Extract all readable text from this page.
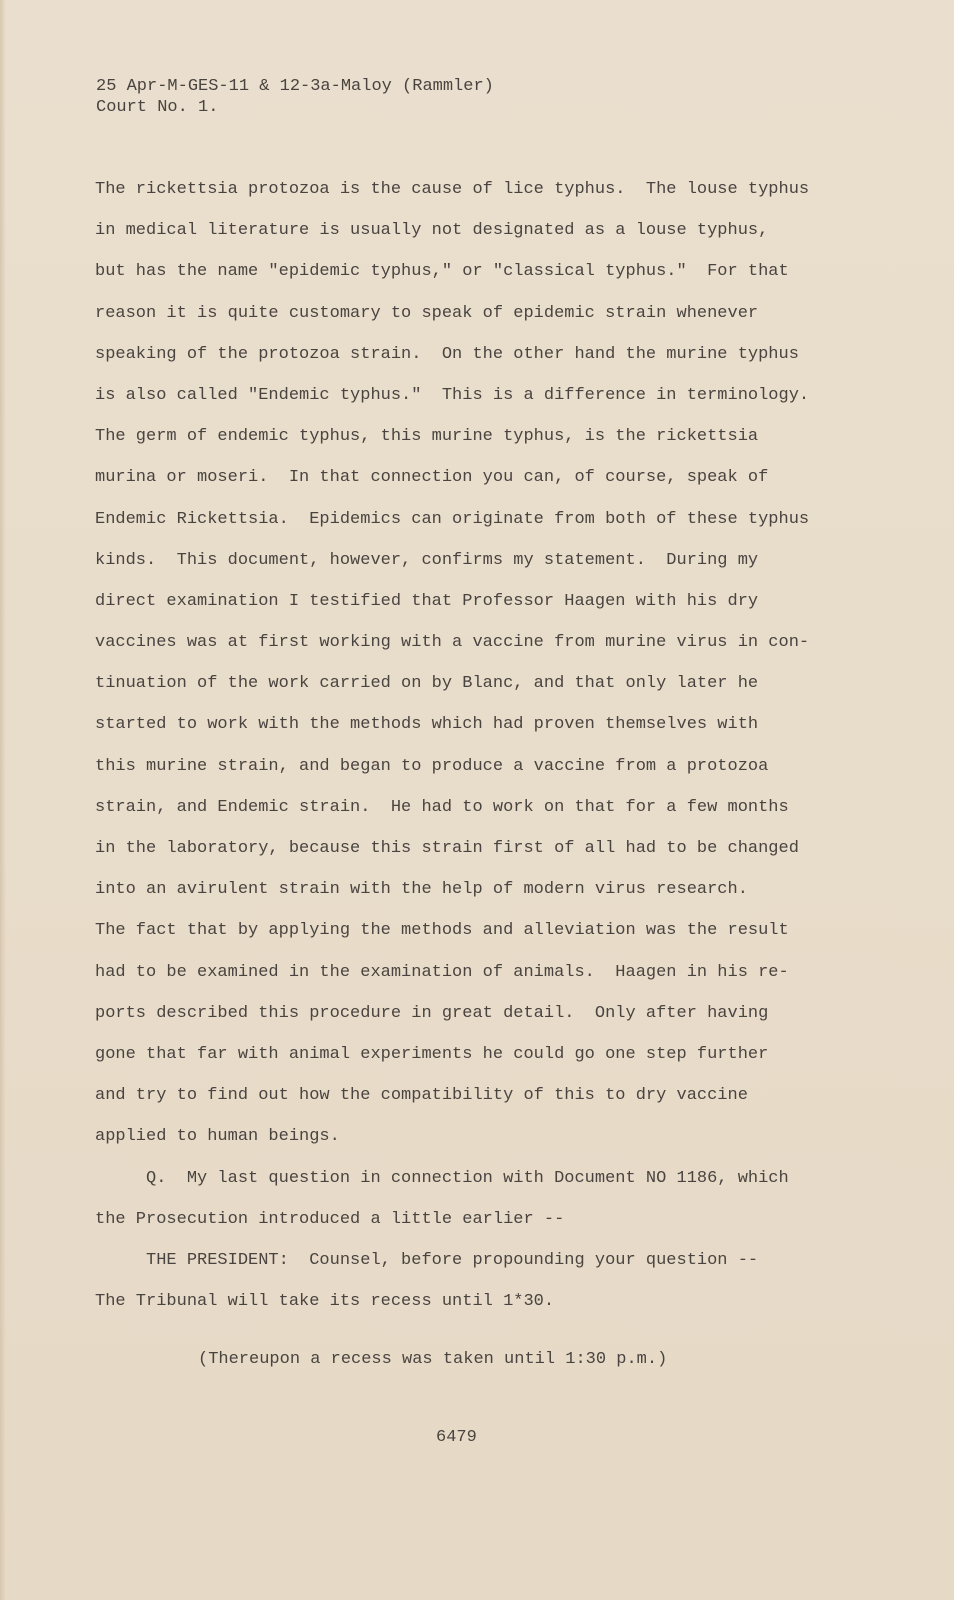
25 Apr-M-GES-11 & 12-3a-Maloy (Rammler)
Court No. 1.
The rickettsia protozoa is the cause of lice typhus.  The louse typhus
in medical literature is usually not designated as a louse typhus,
but has the name "epidemic typhus," or "classical typhus."  For that
reason it is quite customary to speak of epidemic strain whenever
speaking of the protozoa strain.  On the other hand the murine typhus
is also called "Endemic typhus."  This is a difference in terminology.
The germ of endemic typhus, this murine typhus, is the rickettsia
murina or moseri.  In that connection you can, of course, speak of
Endemic Rickettsia.  Epidemics can originate from both of these typhus
kinds.  This document, however, confirms my statement.  During my
direct examination I testified that Professor Haagen with his dry
vaccines was at first working with a vaccine from murine virus in con-
tinuation of the work carried on by Blanc, and that only later he
started to work with the methods which had proven themselves with
this murine strain, and began to produce a vaccine from a protozoa
strain, and Endemic strain.  He had to work on that for a few months
in the laboratory, because this strain first of all had to be changed
into an avirulent strain with the help of modern virus research.
The fact that by applying the methods and alleviation was the result
had to be examined in the examination of animals.  Haagen in his re-
ports described this procedure in great detail.  Only after having
gone that far with animal experiments he could go one step further
and try to find out how the compatibility of this to dry vaccine
applied to human beings.
Q.  My last question in connection with Document NO 1186, which
the Prosecution introduced a little earlier --
THE PRESIDENT:  Counsel, before propounding your question --
The Tribunal will take its recess until 1*30.
(Thereupon a recess was taken until 1:30 p.m.)
6479
